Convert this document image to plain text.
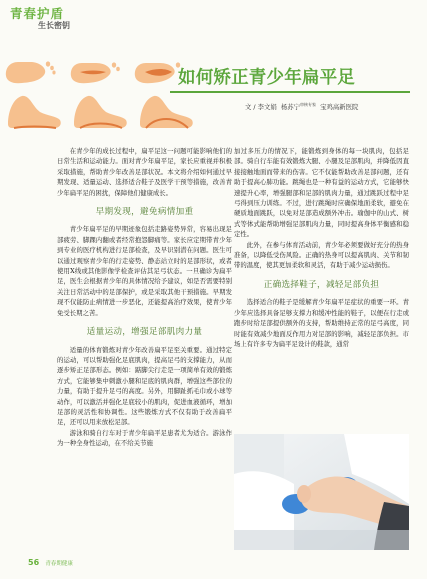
青春护盾
生长密钥
如何矫正青少年扁平足
文 / 李文娟 杨苏宁$^{审核专家}$ 宝鸡高新医院

在青少年的成长过程中，扁平足这一问题可能影响他们的日常生活和运动能力。面对青少年扁平足，家长应重视并积极采取措施，帮助青少年改善足部状况。本文将介绍如何通过早期发现、适量运动、选择适合鞋子及医学干预等措施，改善青少年扁平足的困扰，保障他们健康成长。

早期发现，避免病情加重

青少年扁平足的早期迹象包括走路姿势异常，容易出现足部疲劳、脚踝内翻或者经常抱怨脚痛等。家长应定期带青少年到专业的医疗机构进行足部检查，及早识别潜在问题。医生可以通过观察青少年的行走姿势、静态站立时的足部形状，或者使用X线或其他影像学检查评估其足弓状态。一旦确诊为扁平足，医生会根据青少年的具体情况给予建议，如是否需要特别关注日常活动中的足部保护，或是采取其他干预措施。早期发现不仅能防止病情进一步恶化，还能提高治疗效果，使青少年免受长期之苦。

适量运动，增强足部肌肉力量

适量的体育锻炼对青少年改善扁平足至关重要。通过特定的运动，可以帮助强化足底肌肉，提高足弓的支撑能力，从而逐步矫正足部形态。例如：踮脚尖行走是一项简单有效的锻炼方式，它能够集中刺激小腿和足底的肌肉群，增强这些部位的力量，有助于提升足弓的高度。另外，用脚趾抓毛巾或小球等动作，可以激活并强化足底较小的肌肉，促进血液循环，增加足部的灵活性和协调性。这些锻炼方式不仅有助于改善扁平足，还可以用来放松足部。

游泳和骑自行车对于青少年扁平足患者尤为适合。游泳作为一种全身性运动，在不给关节施

加过多压力的情况下，能锻炼到身体的每一块肌肉，包括足部。骑自行车能有效锻炼大腿、小腿及足部肌肉，并降低因直接接触地面而带来的伤害。它不仅能帮助改善足部问题，还有助于提高心肺功能。跳绳也是一种有益的运动方式，它能够快速提升心率，增强腿部和足部的肌肉力量，通过跳跃过程中足弓得到压力训练。不过，进行跳绳时应确保地面柔软，避免在硬质地面跳跃，以免对足部造成额外冲击。瑜伽中的山式、树式等体式能帮助增强足部肌肉力量，同时提高身体平衡感和稳定性。

此外，在参与体育活动前，青少年必须要做好充分的热身准备，以降低受伤风险。正确的热身可以提高肌肉、关节和韧带的温度，使其更加柔软和灵活，有助于减少运动损伤。

正确选择鞋子，减轻足部负担

选择适合的鞋子是缓解青少年扁平足症状的重要一环。青少年应选择具备足够支撑力和缓冲性能的鞋子，以便在行走或跑步时给足部提供额外的支持，帮助维持正常的足弓高度，同时能有效减少地面反作用力对足部的影响，减轻足部负担。市场上有许多专为扁平足设计的鞋款，通常

56 青春期健康
